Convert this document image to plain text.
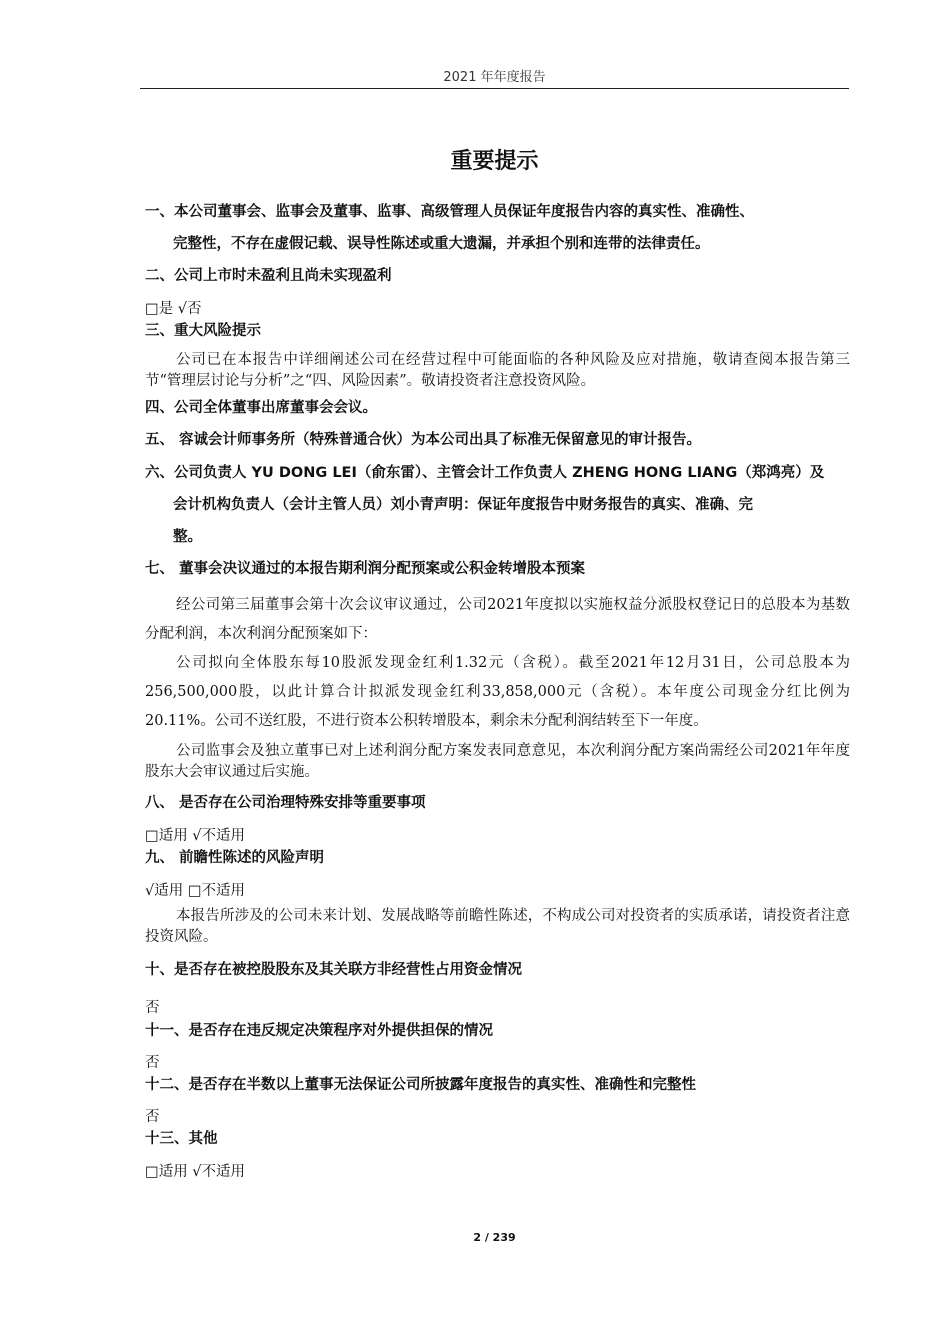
2021 年年度报告
重要提示
一、本公司董事会、监事会及董事、监事、高级管理人员保证年度报告内容的真实性、准确性、
完整性，不存在虚假记载、误导性陈述或重大遗漏，并承担个别和连带的法律责任。
二、公司上市时未盈利且尚未实现盈利
□是 √否
三、重大风险提示

公司已在本报告中详细阐述公司在经营过程中可能面临的各种风险及应对措施，敬请查阅本报告第三节“管理层讨论与分析”之“四、风险因素”。敬请投资者注意投资风险。

四、公司全体董事出席董事会会议。
五、 容诚会计师事务所（特殊普通合伙）为本公司出具了标准无保留意见的审计报告。
六、公司负责人 YU DONG LEI（俞东雷）、主管会计工作负责人 ZHENG HONG LIANG（郑鸿亮）及
会计机构负责人（会计主管人员）刘小青声明：保证年度报告中财务报告的真实、准确、完
整。
七、 董事会决议通过的本报告期利润分配预案或公积金转增股本预案

经公司第三届董事会第十次会议审议通过，公司2021年度拟以实施权益分派股权登记日的总股本为基数分配利润，本次利润分配预案如下：

公司拟向全体股东每10股派发现金红利1.32元（含税）。截至2021年12月31日，公司总股本为256,500,000股，以此计算合计拟派发现金红利33,858,000元（含税）。本年度公司现金分红比例为20.11%。公司不送红股，不进行资本公积转增股本，剩余未分配利润结转至下一年度。

公司监事会及独立董事已对上述利润分配方案发表同意意见，本次利润分配方案尚需经公司2021年年度股东大会审议通过后实施。

八、 是否存在公司治理特殊安排等重要事项
□适用 √不适用
九、 前瞻性陈述的风险声明
√适用 □不适用

本报告所涉及的公司未来计划、发展战略等前瞻性陈述，不构成公司对投资者的实质承诺，请投资者注意投资风险。

十、是否存在被控股股东及其关联方非经营性占用资金情况
否
十一、是否存在违反规定决策程序对外提供担保的情况
否
十二、是否存在半数以上董事无法保证公司所披露年度报告的真实性、准确性和完整性
否
十三、其他
□适用 √不适用
2 / 239
